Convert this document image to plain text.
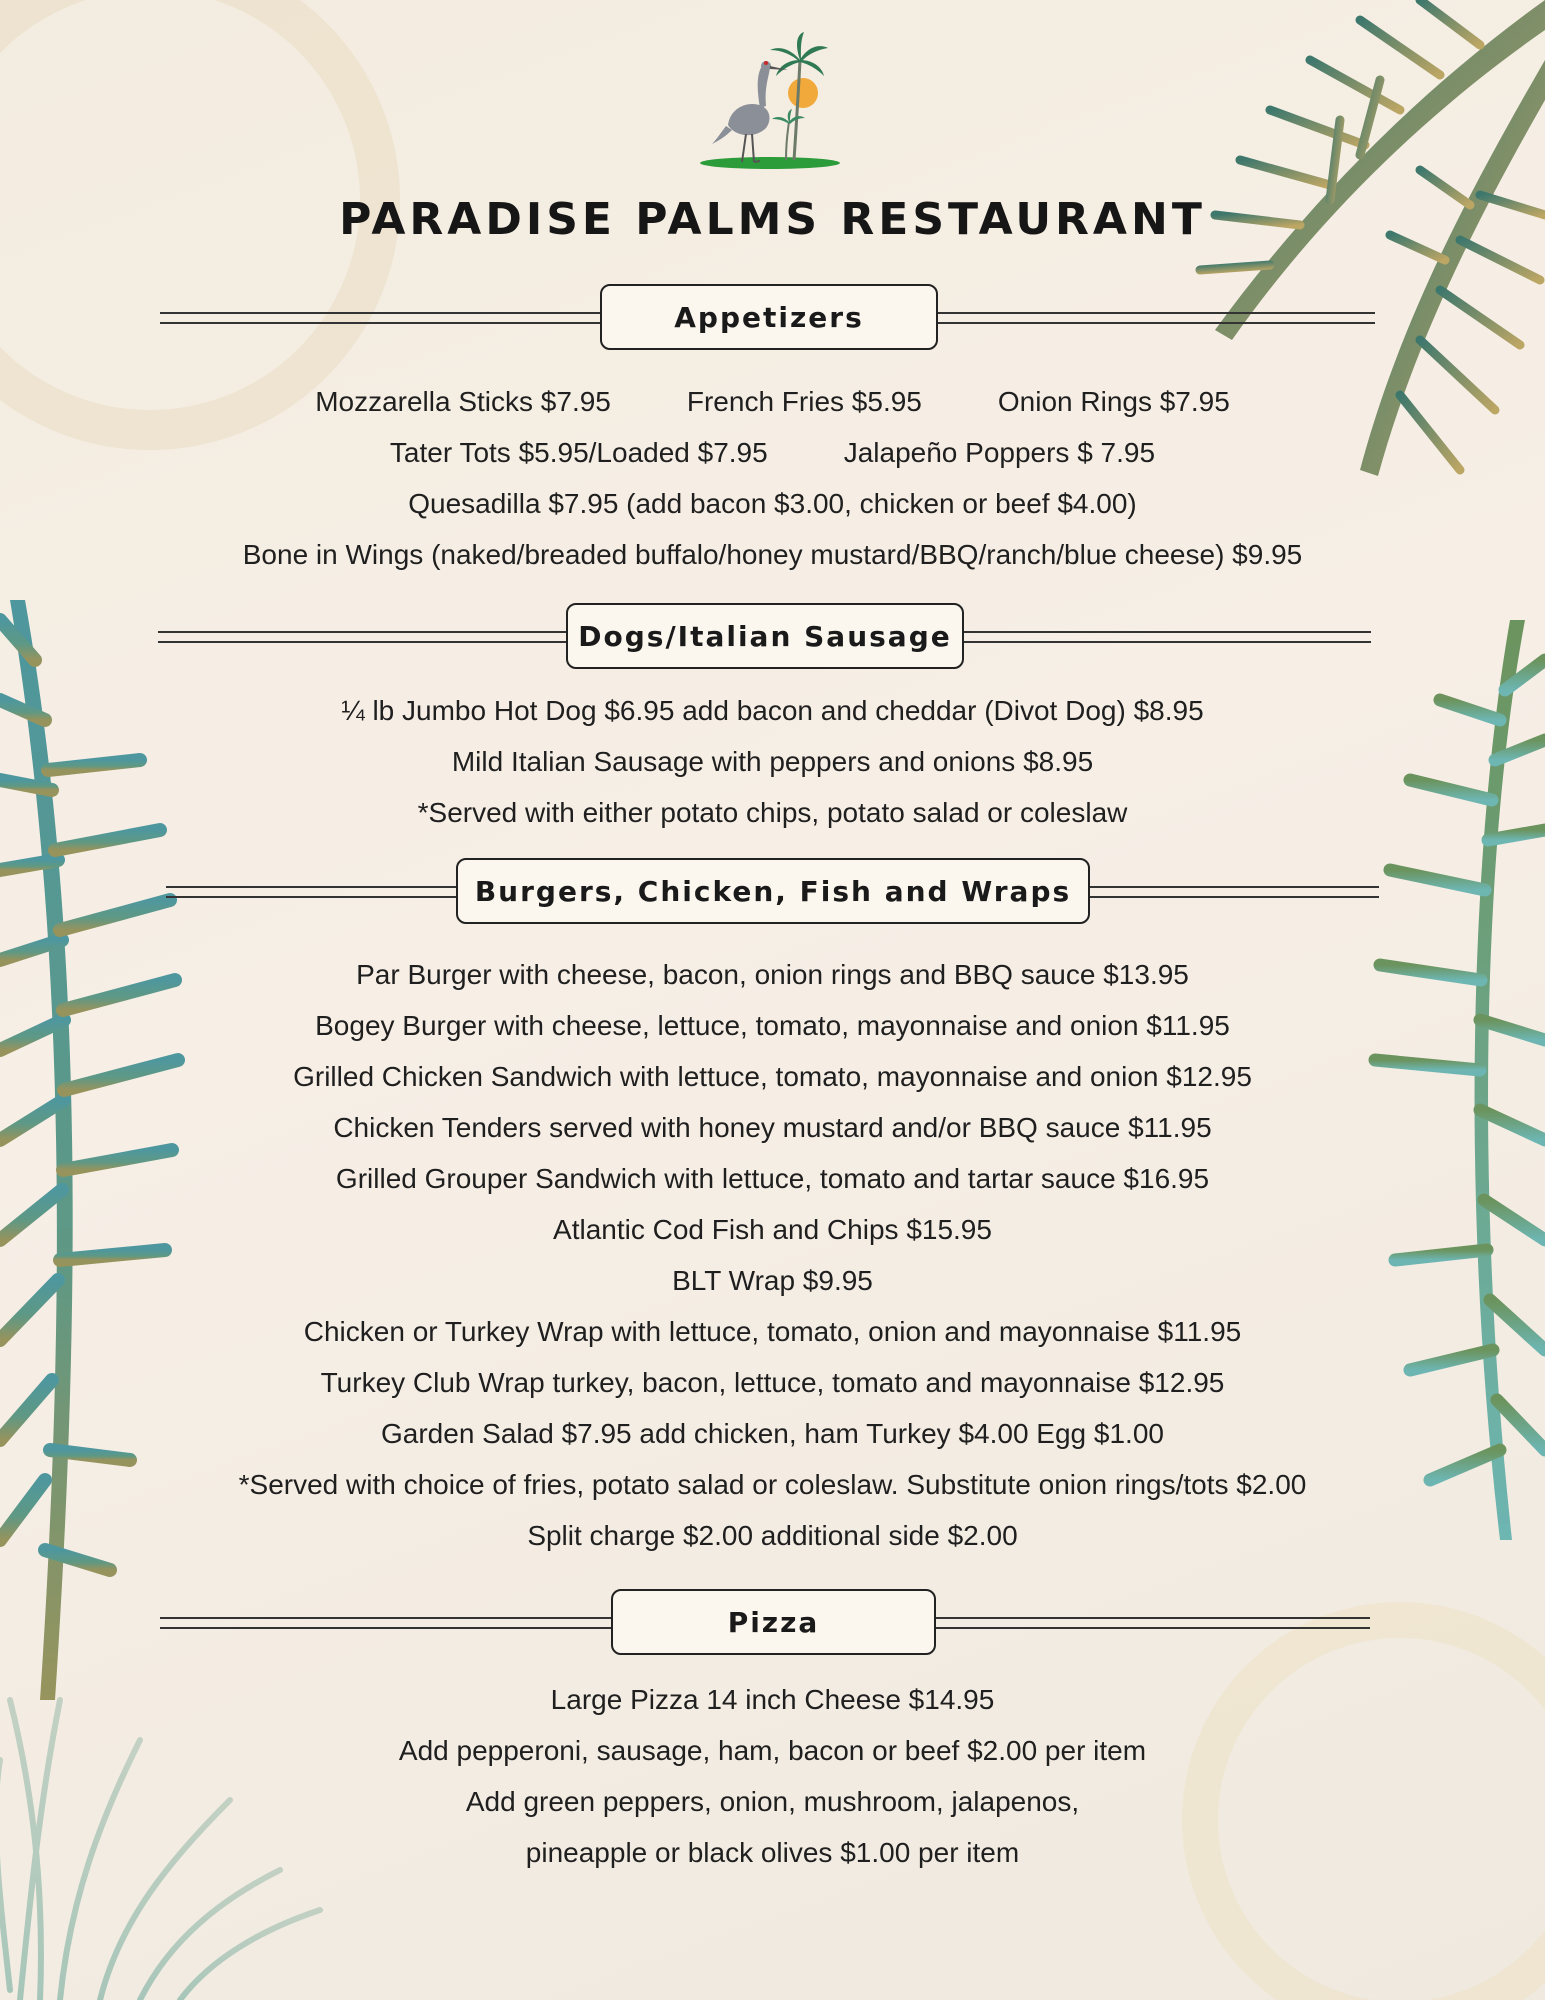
PARADISE PALMS RESTAURANT
Appetizers
Mozzarella Sticks $7.95	French Fries $5.95	Onion Rings $7.95
Tater Tots $5.95/Loaded $7.95	Jalapeño Poppers $ 7.95
Quesadilla $7.95 (add bacon $3.00, chicken or beef $4.00)
Bone in Wings (naked/breaded buffalo/honey mustard/BBQ/ranch/blue cheese) $9.95
Dogs/Italian Sausage
¼ lb Jumbo Hot Dog $6.95 add bacon and cheddar (Divot Dog) $8.95
Mild Italian Sausage with peppers and onions $8.95
*Served with either potato chips, potato salad or coleslaw
Burgers, Chicken, Fish and Wraps
Par Burger with cheese, bacon, onion rings and BBQ sauce $13.95
Bogey Burger with cheese, lettuce, tomato, mayonnaise and onion $11.95
Grilled Chicken Sandwich with lettuce, tomato, mayonnaise and onion $12.95
Chicken Tenders served with honey mustard and/or BBQ sauce $11.95
Grilled Grouper Sandwich with lettuce, tomato and tartar sauce $16.95
Atlantic Cod Fish and Chips $15.95
BLT Wrap $9.95
Chicken or Turkey Wrap with lettuce, tomato, onion and mayonnaise $11.95
Turkey Club Wrap turkey, bacon, lettuce, tomato and mayonnaise $12.95
Garden Salad $7.95 add chicken, ham Turkey $4.00 Egg $1.00
*Served with choice of fries, potato salad or coleslaw. Substitute onion rings/tots $2.00
Split charge $2.00 additional side $2.00
Pizza
Large Pizza 14 inch Cheese $14.95
Add pepperoni, sausage, ham, bacon or beef $2.00 per item
Add green peppers, onion, mushroom, jalapenos,
pineapple or black olives $1.00 per item
